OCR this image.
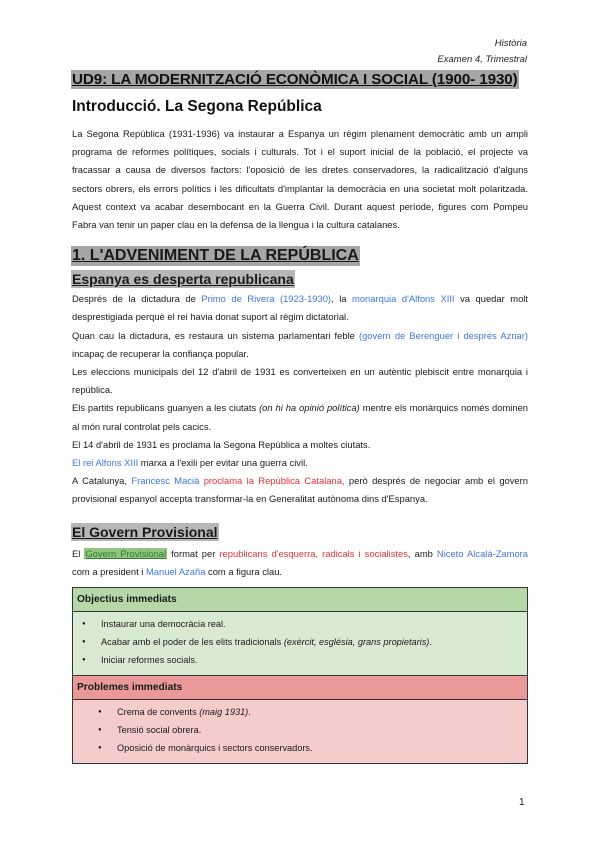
Història
Examen 4, Trimestral
UD9: LA MODERNITZACIÓ ECONÒMICA I SOCIAL (1900- 1930)
Introducció. La Segona República

La Segona República (1931-1936) va instaurar a Espanya un règim plenament democràtic amb un ampli programa de reformes polítiques, socials i culturals. Tot i el suport inicial de la població, el projecte va fracassar a causa de diversos factors: l'oposició de les dretes conservadores, la radicalització d'alguns sectors obrers, els errors polítics i les dificultats d'implantar la democràcia en una societat molt polaritzada. Aquest context va acabar desembocant en la Guerra Civil. Durant aquest període, figures com Pompeu Fabra van tenir un paper clau en la defensa de la llengua i la cultura catalanes.

1. L'ADVENIMENT DE LA REPÚBLICA
Espanya es desperta republicana

Després de la dictadura de Primo de Rivera (1923-1930), la monarquia d'Alfons XIII va quedar molt desprestigiada perquè el rei havia donat suport al règim dictatorial.

Quan cau la dictadura, es restaura un sistema parlamentari feble (govern de Berenguer i després Aznar) incapaç de recuperar la confiança popular.

Les eleccions municipals del 12 d'abril de 1931 es converteixen en un autèntic plebiscit entre monarquia i república.

Els partits republicans guanyen a les ciutats (on hi ha opinió política) mentre els monàrquics només dominen al món rural controlat pels cacics.

El 14 d'abril de 1931 es proclama la Segona República a moltes ciutats.

El rei Alfons XIII marxa a l'exili per evitar una guerra civil.

A Catalunya, Francesc Macià proclama la República Catalana, però després de negociar amb el govern provisional espanyol accepta transformar-la en Generalitat autònoma dins d'Espanya.

El Govern Provisional

El Govern Provisional format per republicans d'esquerra, radicals i socialistes, amb Niceto Alcalá-Zamora com a president i Manuel Azaña com a figura clau.

Objectius immediats
● Instaurar una democràcia real.
● Acabar amb el poder de les elits tradicionals (exèrcit, església, grans propietaris).
● Iniciar reformes socials.
Problemes immediats
● Crema de convents (maig 1931).
● Tensió social obrera.
● Oposició de monàrquics i sectors conservadors.
1
